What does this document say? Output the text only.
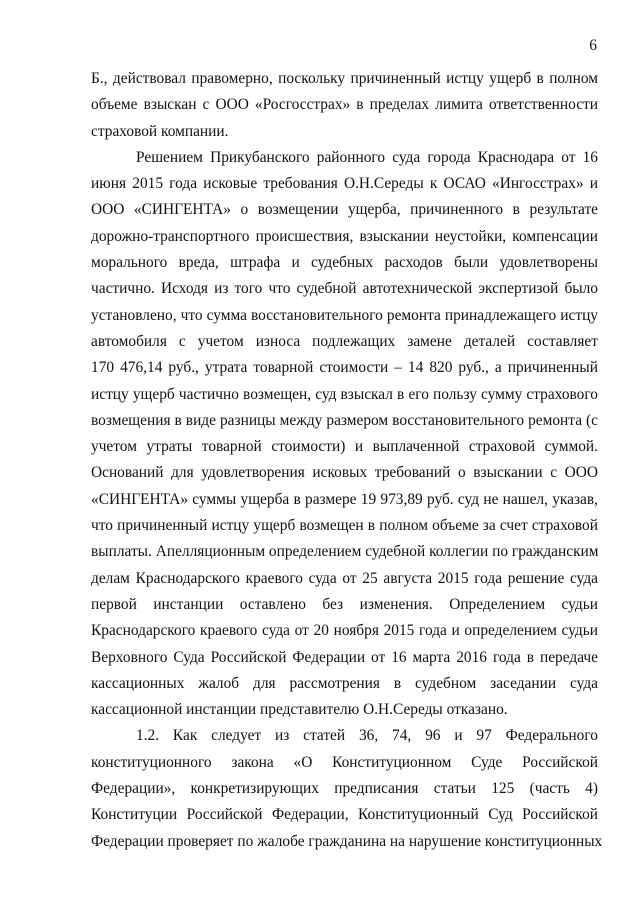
6
Б., действовал правомерно, поскольку причиненный истцу ущерб в полном
объеме взыскан с ООО «Росгосстрах» в пределах лимита ответственности
страховой компании.
Решением Прикубанского районного суда города Краснодара от 16
июня 2015 года исковые требования О.Н.Середы к ОСАО «Ингосстрах» и
ООО «СИНГЕНТА» о возмещении ущерба, причиненного в результате
дорожно-транспортного происшествия, взыскании неустойки, компенсации
морального вреда, штрафа и судебных расходов были удовлетворены
частично. Исходя из того что судебной автотехнической экспертизой было
установлено, что сумма восстановительного ремонта принадлежащего истцу
автомобиля с учетом износа подлежащих замене деталей составляет
170 476,14 руб., утрата товарной стоимости – 14 820 руб., а причиненный
истцу ущерб частично возмещен, суд взыскал в его пользу сумму страхового
возмещения в виде разницы между размером восстановительного ремонта (с
учетом утраты товарной стоимости) и выплаченной страховой суммой.
Оснований для удовлетворения исковых требований о взыскании с ООО
«СИНГЕНТА» суммы ущерба в размере 19 973,89 руб. суд не нашел, указав,
что причиненный истцу ущерб возмещен в полном объеме за счет страховой
выплаты. Апелляционным определением судебной коллегии по гражданским
делам Краснодарского краевого суда от 25 августа 2015 года решение суда
первой инстанции оставлено без изменения. Определением судьи
Краснодарского краевого суда от 20 ноября 2015 года и определением судьи
Верховного Суда Российской Федерации от 16 марта 2016 года в передаче
кассационных жалоб для рассмотрения в судебном заседании суда
кассационной инстанции представителю О.Н.Середы отказано.
1.2. Как следует из статей 36, 74, 96 и 97 Федерального
конституционного закона «О Конституционном Суде Российской
Федерации», конкретизирующих предписания статьи 125 (часть 4)
Конституции Российской Федерации, Конституционный Суд Российской
Федерации проверяет по жалобе гражданина на нарушение конституционных
